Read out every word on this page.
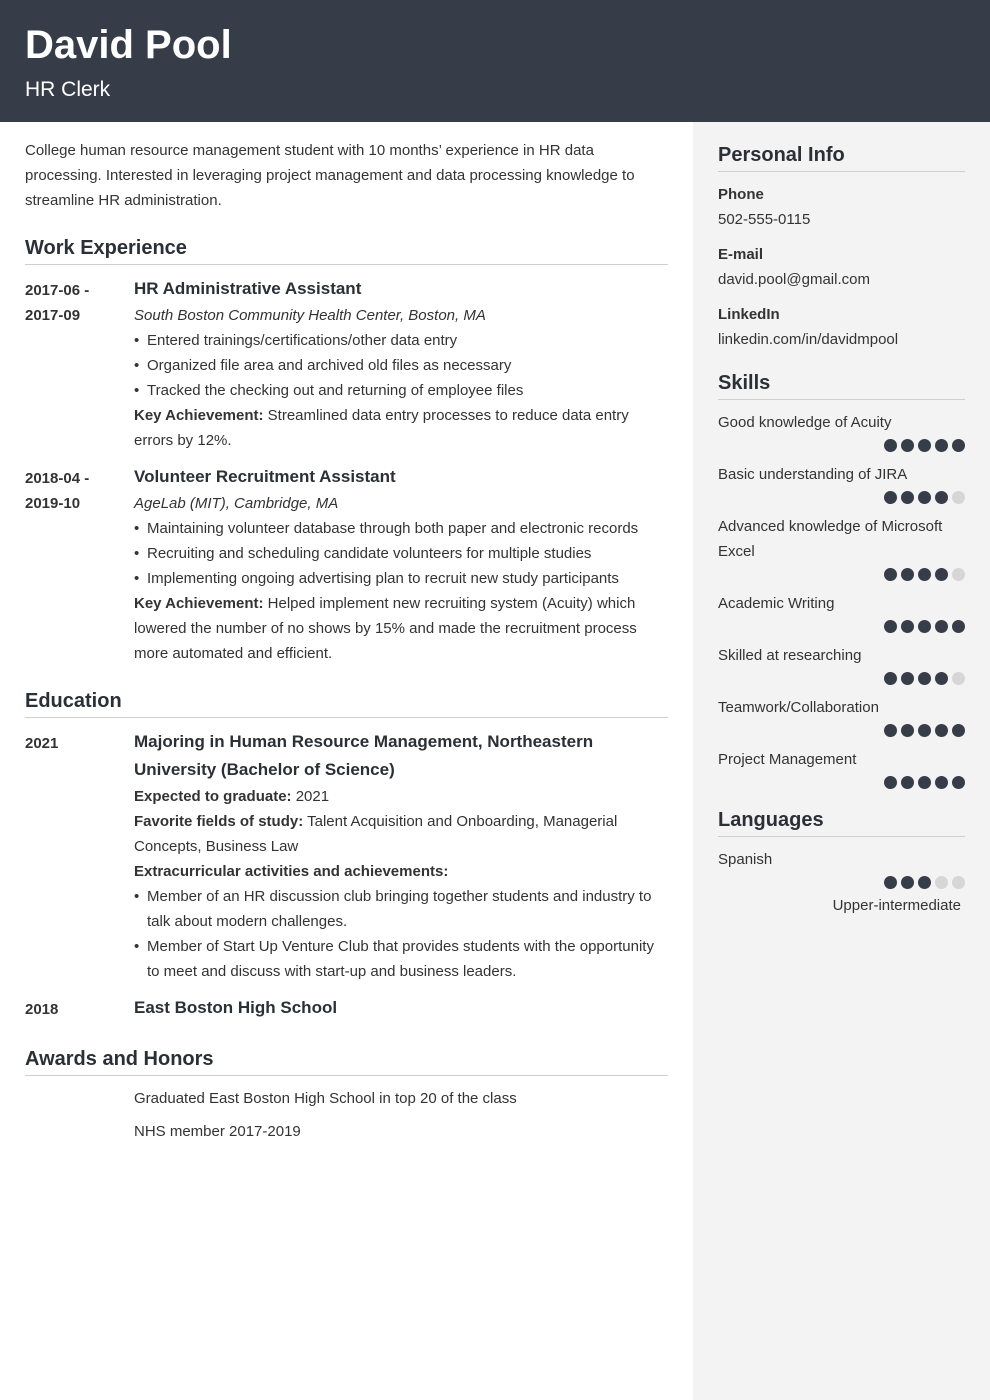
David Pool
HR Clerk

College human resource management student with 10 months’ experience in HR data processing. Interested in leveraging project management and data processing knowledge to streamline HR administration.

Work Experience
2017-06 -
2017-09
HR Administrative Assistant
South Boston Community Health Center, Boston, MA
• Entered trainings/certifications/other data entry
• Organized file area and archived old files as necessary
• Tracked the checking out and returning of employee files
Key Achievement: Streamlined data entry processes to reduce data entry errors by 12%.
2018-04 -
2019-10
Volunteer Recruitment Assistant
AgeLab (MIT), Cambridge, MA
• Maintaining volunteer database through both paper and electronic records
• Recruiting and scheduling candidate volunteers for multiple studies
• Implementing ongoing advertising plan to recruit new study participants
Key Achievement: Helped implement new recruiting system (Acuity) which lowered the number of no shows by 15% and made the recruitment process more automated and efficient.
Education
2021	Majoring in Human Resource Management, Northeastern University (Bachelor of Science)
Expected to graduate: 2021
Favorite fields of study: Talent Acquisition and Onboarding, Managerial Concepts, Business Law
Extracurricular activities and achievements:
• Member of an HR discussion club bringing together students and industry to talk about modern challenges.
• Member of Start Up Venture Club that provides students with the opportunity to meet and discuss with start-up and business leaders.
2018	East Boston High School
Awards and Honors
Graduated East Boston High School in top 20 of the class
NHS member 2017-2019
Personal Info
Phone
502-555-0115
E-mail
david.pool@gmail.com
LinkedIn
linkedin.com/in/davidmpool
Skills
Good knowledge of Acuity
Basic understanding of JIRA
Advanced knowledge of Microsoft Excel
Academic Writing
Skilled at researching
Teamwork/Collaboration
Project Management
Languages
Spanish
Upper-intermediate
